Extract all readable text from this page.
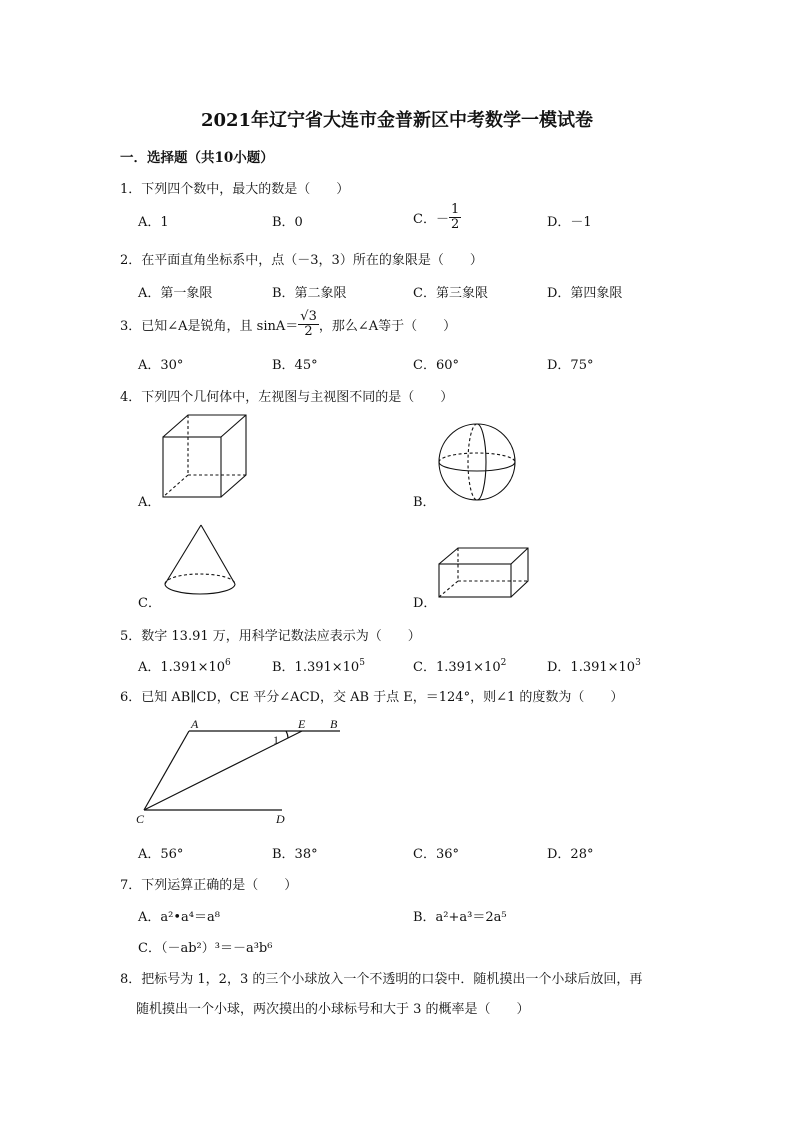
2021年辽宁省大连市金普新区中考数学一模试卷
一．选择题（共10小题）
1．下列四个数中，最大的数是（　　）
A．1	B．0	C．－ $\frac{1}{2}$	D．－1
2．在平面直角坐标系中，点（－3，3）所在的象限是（　　）
A．第一象限	B．第二象限	C．第三象限	D．第四象限
3．已知∠A是锐角，且 $\sin A= \frac{√3}{2}$ ，那么∠A等于（　　）
A．30°	B．45°	C．60°	D．75°
4．下列四个几何体中，左视图与主视图不同的是（　　）
A．	B．
C．	D．
5．数字 13.91 万，用科学记数法应表示为（　　）
A．$1.391\times 10^6$	B．$1.391\times 10^5$	C．$1.391\times 10^2$	D．$1.391\times 10^3$
6．已知 AB∥CD，CE 平分∠ACD，交 AB 于点 E，＝124°，则∠1 的度数为（　　）
A	E B
C	D
1
A．56°	B．38°	C．36°	D．28°
7．下列运算正确的是（　　）
A．a²•a⁴＝a⁸	B．a²+a³＝2a⁵
C．（－ab²）³＝－a³b⁶
8．把标号为 1，2，3 的三个小球放入一个不透明的口袋中．随机摸出一个小球后放回，再
随机摸出一个小球，两次摸出的小球标号和大于 3 的概率是（　　）
